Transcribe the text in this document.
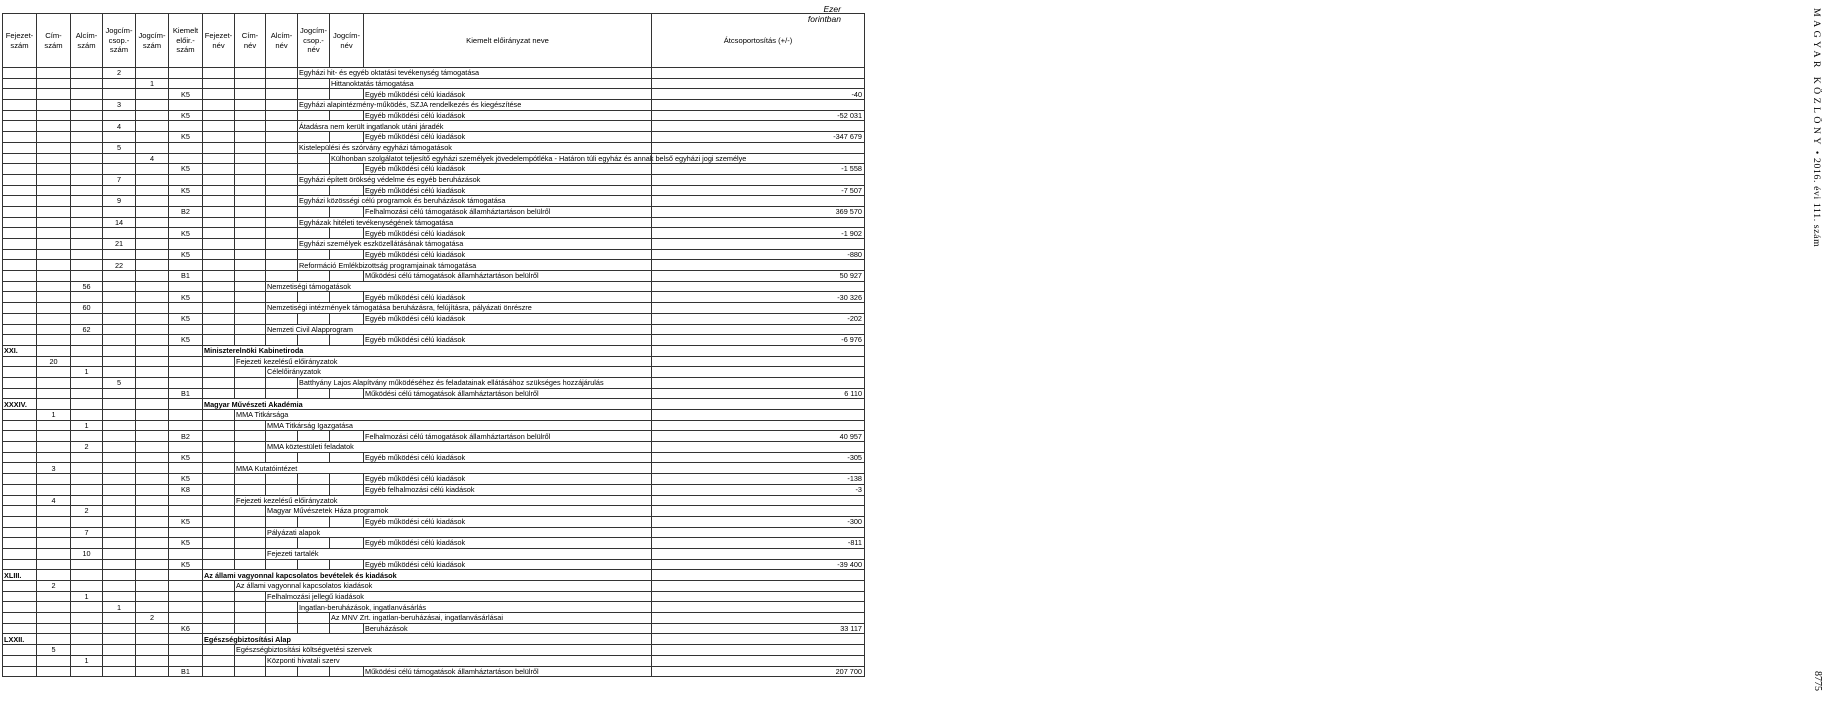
Ezer forintban
Fejezet-szám	Cím-szám	Alcím-szám	Jogcím-csop.-szám	Jogcím-szám	Kiemelt előir.-szám	Fejezet-név	Cím-név	Alcím-név	Jogcím-csop.-név	Jogcím-név	Kiemelt előirányzat neve	Átcsoportosítás (+/-)
			2						Egyházi hit- és egyéb oktatási tevékenység támogatása			
				1						Hittanoktatás támogatása		
					K5						Egyéb működési célú kiadások	-40
			3						Egyházi alapintézmény-működés, SZJA rendelkezés és kiegészítése			
					K5						Egyéb működési célú kiadások	-52 031
			4						Átadásra nem került ingatlanok utáni járadék			
					K5						Egyéb működési célú kiadások	-347 679
			5						Kistelepülési és szórvány egyházi támogatások			
				4						Külhonban szolgálatot teljesítő egyházi személyek jövedelempótléka - Határon túli egyház és annak belső egyházi jogi személye		
					K5						Egyéb működési célú kiadások	-1 558
			7						Egyházi épített örökség védelme és egyéb beruházások			
					K5						Egyéb működési célú kiadások	-7 507
			9						Egyházi közösségi célú programok és beruházások támogatása			
					B2						Felhalmozási célú támogatások államháztartáson belülről	369 570
			14						Egyházak hitéleti tevékenységének támogatása			
					K5						Egyéb működési célú kiadások	-1 902
			21						Egyházi személyek eszközellátásának támogatása			
					K5						Egyéb működési célú kiadások	-880
			22						Reformáció Emlékbizottság programjainak támogatása			
					B1						Működési célú támogatások államháztartáson belülről	50 927
		56						Nemzetiségi támogatások				
					K5						Egyéb működési célú kiadások	-30 326
		60						Nemzetiségi intézmények támogatása beruházásra, felújításra, pályázati önrészre				
					K5						Egyéb működési célú kiadások	-202
		62						Nemzeti Civil Alapprogram				
					K5						Egyéb működési célú kiadások	-6 976
XXI.						Miniszterelnöki Kabinetiroda						
	20						Fejezeti kezelésű előirányzatok					
		1						Célelőirányzatok				
			5						Batthyány Lajos Alapítvány működéséhez és feladatainak ellátásához szükséges hozzájárulás			
					B1						Működési célú támogatások államháztartáson belülről	6 110
XXXIV.						Magyar Művészeti Akadémia						
	1						MMA Titkársága					
		1						MMA Titkárság Igazgatása				
					B2						Felhalmozási célú támogatások államháztartáson belülről	40 957
		2						MMA köztestületi feladatok				
					K5						Egyéb működési célú kiadások	-305
	3						MMA Kutatóintézet					
					K5						Egyéb működési célú kiadások	-138
					K8						Egyéb felhalmozási célú kiadások	-3
	4						Fejezeti kezelésű előirányzatok					
		2						Magyar Művészetek Háza programok				
					K5						Egyéb működési célú kiadások	-300
		7						Pályázati alapok				
					K5						Egyéb működési célú kiadások	-811
		10						Fejezeti tartalék				
					K5						Egyéb működési célú kiadások	-39 400
XLIII.						Az állami vagyonnal kapcsolatos bevételek és kiadások						
	2						Az állami vagyonnal kapcsolatos kiadások					
		1						Felhalmozási jellegű kiadások				
			1						Ingatlan-beruházások, ingatlanvásárlás			
				2						Az MNV Zrt. ingatlan-beruházásai, ingatlanvásárlásai		
					K6						Beruházások	33 117
LXXII.						Egészségbiztosítási Alap						
	5						Egészségbiztosítási költségvetési szervek					
		1						Központi hivatali szerv				
					B1						Működési célú támogatások államháztartáson belülről	207 700
MAGYAR KÖZLÖNY • 2016. évi 111. szám
8775
